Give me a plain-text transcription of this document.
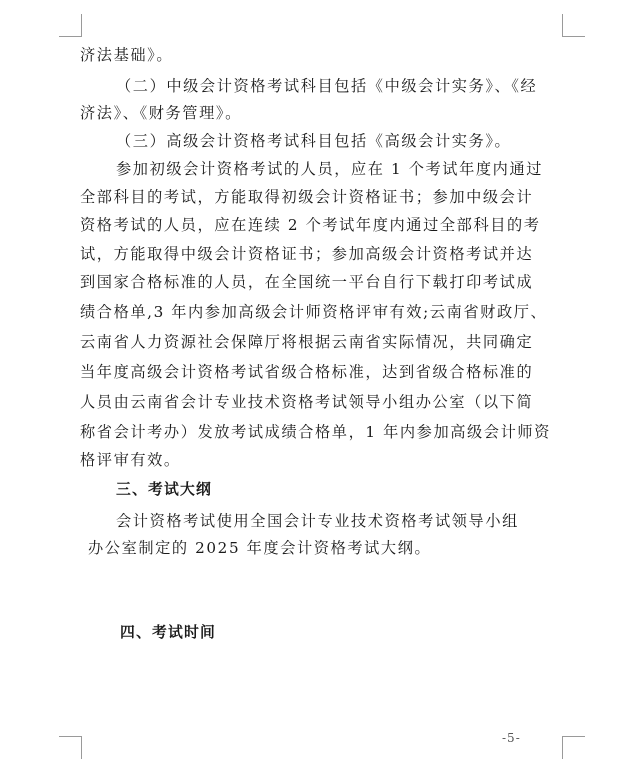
济法基础》。
（二）中级会计资格考试科目包括《中级会计实务》、《经
济法》、《财务管理》。
（三）高级会计资格考试科目包括《高级会计实务》。
参加初级会计资格考试的人员，应在 1 个考试年度内通过
全部科目的考试，方能取得初级会计资格证书；参加中级会计
资格考试的人员，应在连续 2 个考试年度内通过全部科目的考
试，方能取得中级会计资格证书；参加高级会计资格考试并达
到国家合格标准的人员，在全国统一平台自行下载打印考试成
绩合格单,3 年内参加高级会计师资格评审有效;云南省财政厅、
云南省人力资源社会保障厅将根据云南省实际情况，共同确定
当年度高级会计资格考试省级合格标准，达到省级合格标准的
人员由云南省会计专业技术资格考试领导小组办公室（以下简
称省会计考办）发放考试成绩合格单，1 年内参加高级会计师资
格评审有效。
三、考试大纲
会计资格考试使用全国会计专业技术资格考试领导小组
办公室制定的 2025 年度会计资格考试大纲。
四、考试时间
-5-
